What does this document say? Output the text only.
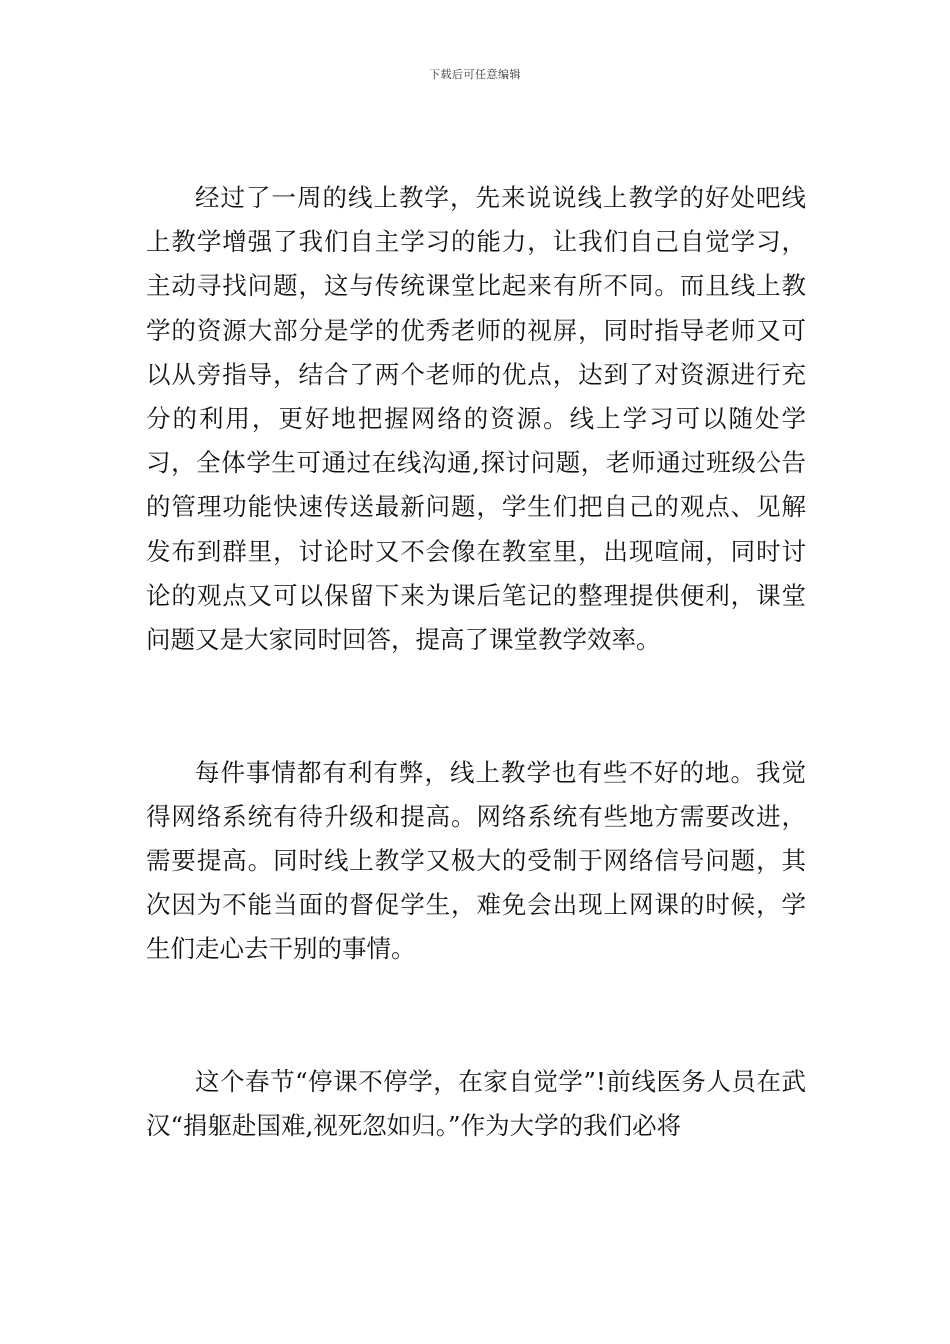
下载后可任意编辑

经过了一周的线上教学，先来说说线上教学的好处吧线上教学增强了我们自主学习的能力，让我们自己自觉学习，主动寻找问题，这与传统课堂比起来有所不同。而且线上教学的资源大部分是学的优秀老师的视屏，同时指导老师又可以从旁指导，结合了两个老师的优点，达到了对资源进行充分的利用，更好地把握网络的资源。线上学习可以随处学习，全体学生可通过在线沟通,探讨问题，老师通过班级公告的管理功能快速传送最新问题，学生们把自己的观点、见解发布到群里，讨论时又不会像在教室里，出现喧闹，同时讨论的观点又可以保留下来为课后笔记的整理提供便利，课堂问题又是大家同时回答，提高了课堂教学效率。

每件事情都有利有弊，线上教学也有些不好的地。我觉得网络系统有待升级和提高。网络系统有些地方需要改进，需要提高。同时线上教学又极大的受制于网络信号问题，其次因为不能当面的督促学生，难免会出现上网课的时候，学生们走心去干别的事情。

这个春节“停课不停学，在家自觉学”!前线医务人员在武汉“捐躯赴国难,视死忽如归。”作为大学的我们必将
